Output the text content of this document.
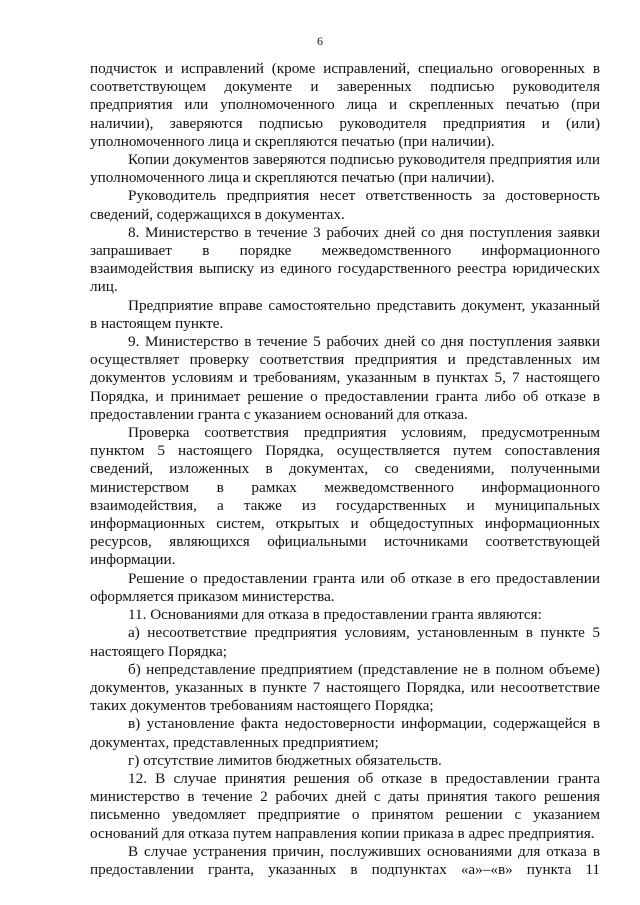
6

подчисток и исправлений (кроме исправлений, специально оговоренных в соответствующем документе и заверенных подписью руководителя предприятия или уполномоченного лица и скрепленных печатью (при наличии), заверяются подписью руководителя предприятия и (или) уполномоченного лица и скрепляются печатью (при наличии).

Копии документов заверяются подписью руководителя предприятия или уполномоченного лица и скрепляются печатью (при наличии).

Руководитель предприятия несет ответственность за достоверность сведений, содержащихся в документах.

8. Министерство в течение 3 рабочих дней со дня поступления заявки запрашивает в порядке межведомственного информационного взаимодействия выписку из единого государственного реестра юридических лиц.

Предприятие вправе самостоятельно представить документ, указанный в настоящем пункте.

9. Министерство в течение 5 рабочих дней со дня поступления заявки осуществляет проверку соответствия предприятия и представленных им документов условиям и требованиям, указанным в пунктах 5, 7 настоящего Порядка, и принимает решение о предоставлении гранта либо об отказе в предоставлении гранта с указанием оснований для отказа.

Проверка соответствия предприятия условиям, предусмотренным пунктом 5 настоящего Порядка, осуществляется путем сопоставления сведений, изложенных в документах, со сведениями, полученными министерством в рамках межведомственного информационного взаимодействия, а также из государственных и муниципальных информационных систем, открытых и общедоступных информационных ресурсов, являющихся официальными источниками соответствующей информации.

Решение о предоставлении гранта или об отказе в его предоставлении оформляется приказом министерства.

11. Основаниями для отказа в предоставлении гранта являются:

а) несоответствие предприятия условиям, установленным в пункте 5 настоящего Порядка;

б) непредставление предприятием (представление не в полном объеме) документов, указанных в пункте 7 настоящего Порядка, или несоответствие таких документов требованиям настоящего Порядка;

в) установление факта недостоверности информации, содержащейся в документах, представленных предприятием;

г) отсутствие лимитов бюджетных обязательств.

12. В случае принятия решения об отказе в предоставлении гранта министерство в течение 2 рабочих дней с даты принятия такого решения письменно уведомляет предприятие о принятом решении с указанием оснований для отказа путем направления копии приказа в адрес предприятия.

В случае устранения причин, послуживших основаниями для отказа в предоставлении гранта, указанных в подпунктах «а»–«в» пункта 11
